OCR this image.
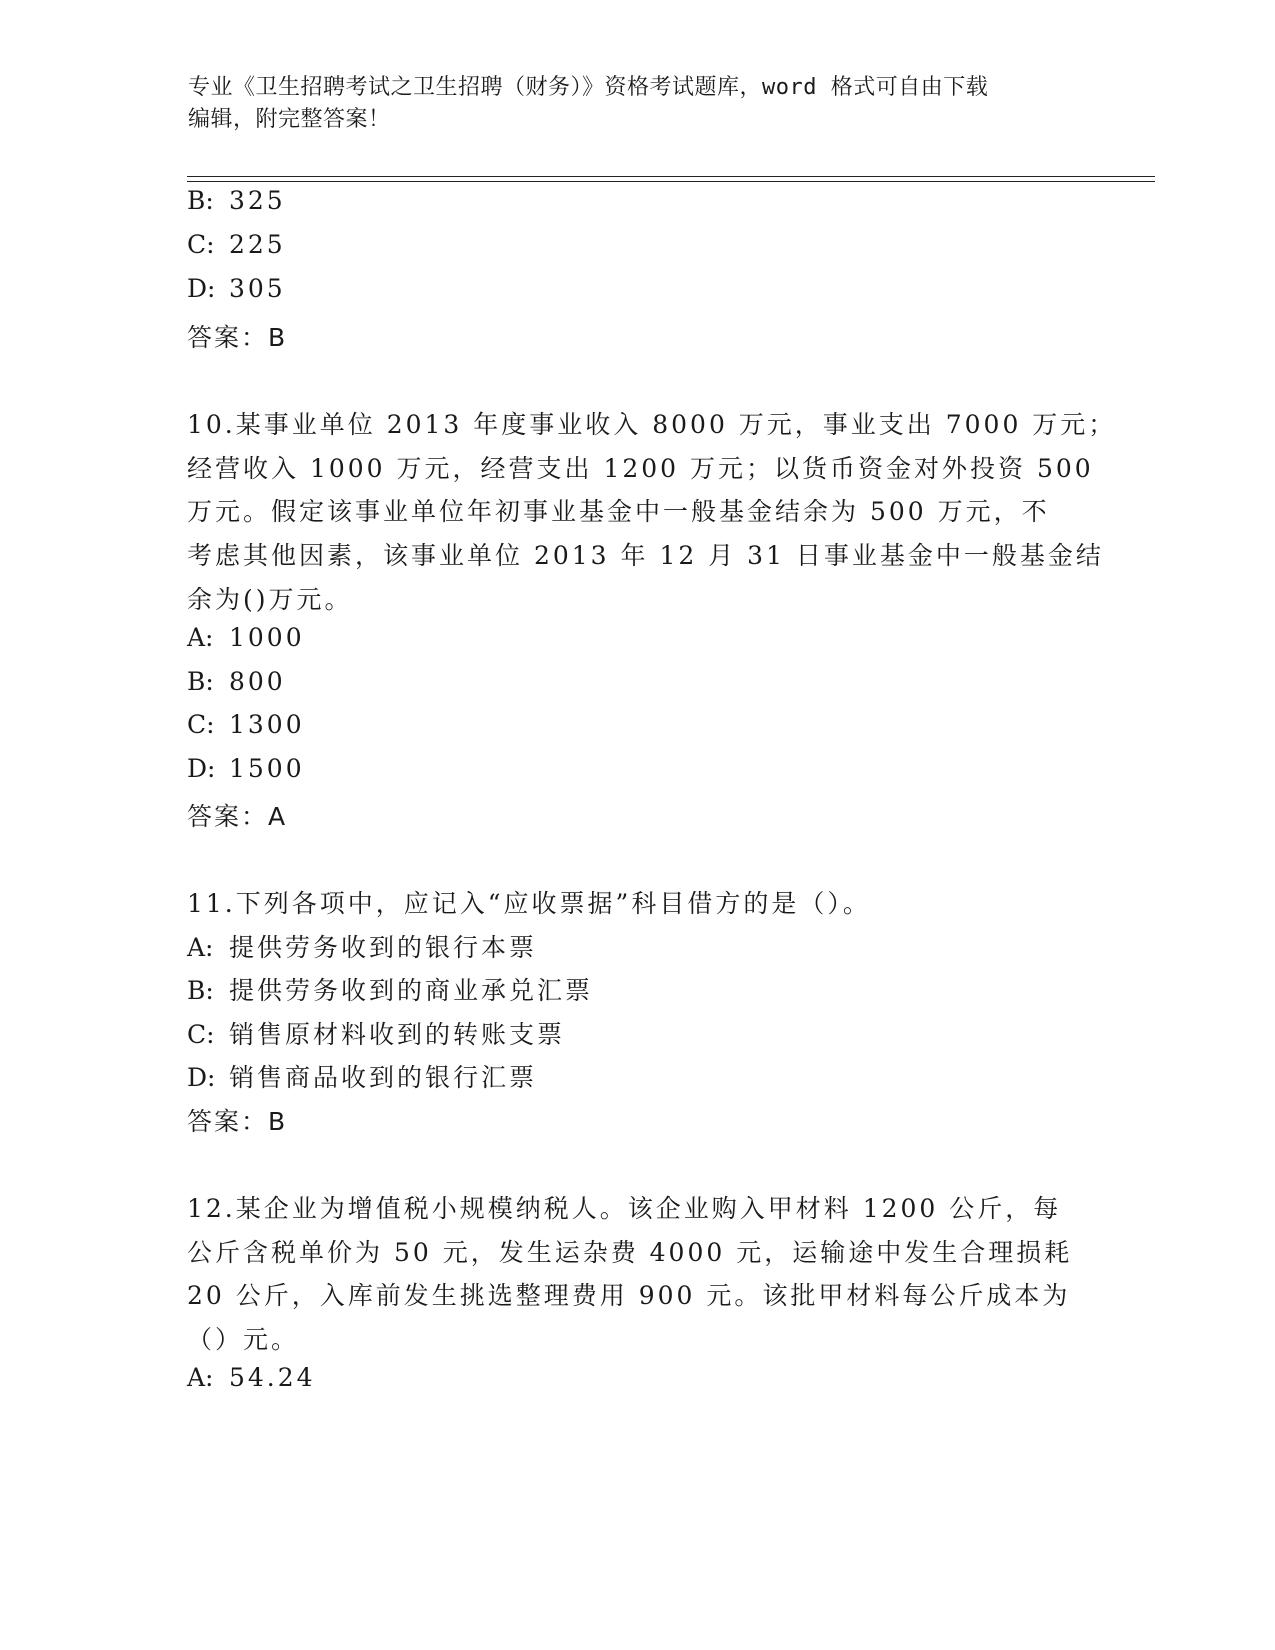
专业《卫生招聘考试之卫生招聘（财务）》资格考试题库，word 格式可自由下载
编辑，附完整答案！
B: 325
C: 225
D: 305
答案：B
10.某事业单位 2013 年度事业收入 8000 万元，事业支出 7000 万元；
经营收入 1000 万元，经营支出 1200 万元；以货币资金对外投资 500
万元。假定该事业单位年初事业基金中一般基金结余为 500 万元，不
考虑其他因素，该事业单位 2013 年 12 月 31 日事业基金中一般基金结
余为()万元。
A: 1000
B: 800
C: 1300
D: 1500
答案：A
11.下列各项中，应记入“应收票据”科目借方的是（）。
A: 提供劳务收到的银行本票
B: 提供劳务收到的商业承兑汇票
C: 销售原材料收到的转账支票
D: 销售商品收到的银行汇票
答案：B
12.某企业为增值税小规模纳税人。该企业购入甲材料 1200 公斤，每
公斤含税单价为 50 元，发生运杂费 4000 元，运输途中发生合理损耗
20 公斤，入库前发生挑选整理费用 900 元。该批甲材料每公斤成本为
（）元。
A: 54.24
